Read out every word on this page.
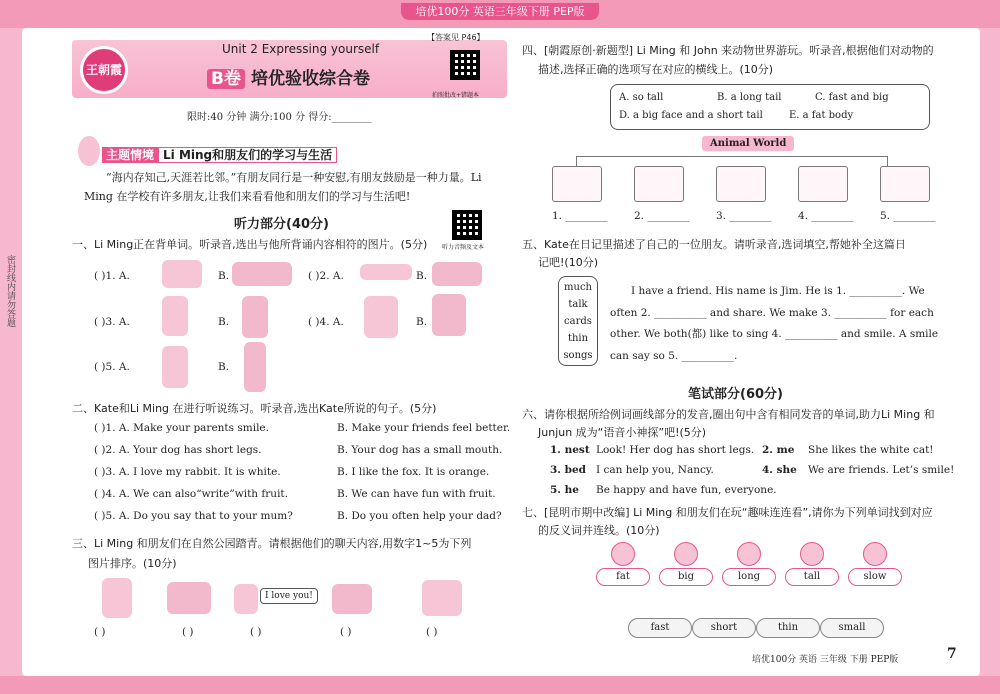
培优100分 英语三年级下册 PEP版
密封线内请勿答题
王朝霞
Unit 2 Expressing yourself
B卷 培优验收综合卷
【答案见 P46】
拍照批改+错题本
限时:40 分钟 满分:100 分 得分:________
主题情境 Li Ming和朋友们的学习与生活
“海内存知己,天涯若比邻。”有朋友同行是一种安慰,有朋友鼓励是一种力量。Li Ming 在学校有许多朋友,让我们来看看他和朋友们的学习与生活吧!
听力部分(40分)
听力音频及文本
一、Li Ming正在背单词。听录音,选出与他所背诵内容相符的图片。(5分)
( )1. A.	B.	( )2. A.	B.
( )3. A.	B.	( )4. A.	B.
( )5. A.	B.
二、Kate和Li Ming 在进行听说练习。听录音,选出Kate所说的句子。(5分)
( )1. A. Make your parents smile.	B. Make your friends feel better.
( )2. A. Your dog has short legs.	B. Your dog has a small mouth.
( )3. A. I love my rabbit. It is white.	B. I like the fox. It is orange.
( )4. A. We can also“write”with fruit.	B. We can have fun with fruit.
( )5. A. Do you say that to your mum?	B. Do you often help your dad?
三、Li Ming 和朋友们在自然公园踏青。请根据他们的聊天内容,用数字1~5为下列
图片排序。(10分)
I love you!
( )	( )	( )	( )	( )
四、[朝霞原创·新题型] Li Ming 和 John 来动物世界游玩。听录音,根据他们对动物的
描述,选择正确的选项写在对应的横线上。(10分)
A. so tall	B. a long tail	C. fast and big
D. a big face and a short tail	E. a fat body
Animal World
1. ________	2. ________	3. ________	4. ________	5. ________
五、Kate在日记里描述了自己的一位朋友。请听录音,选词填空,帮她补全这篇日
记吧!(10分)
much
talk
cards
thin
songs
I have a friend. His name is Jim. He is 1. __________. We often 2. __________ and share. We make 3. __________ for each other. We both(都) like to sing 4. __________ and smile. A smile can say so 5. __________.
笔试部分(60分)
六、请你根据所给例词画线部分的发音,圈出句中含有相同发音的单词,助力Li Ming 和
Junjun 成为“语音小神探”吧!(5分)
1. nest Look! Her dog has short legs. 2. me She likes the white cat!
3. bed I can help you, Nancy.	4. she We are friends. Let’s smile!
5. he Be happy and have fun, everyone.
七、[昆明市期中改编] Li Ming 和朋友们在玩“趣味连连看”,请你为下列单词找到对应
的反义词并连线。(10分)
fat	big	long	tall	slow
fast	short	thin	small
培优100分 英语 三年级 下册 PEP版	7
